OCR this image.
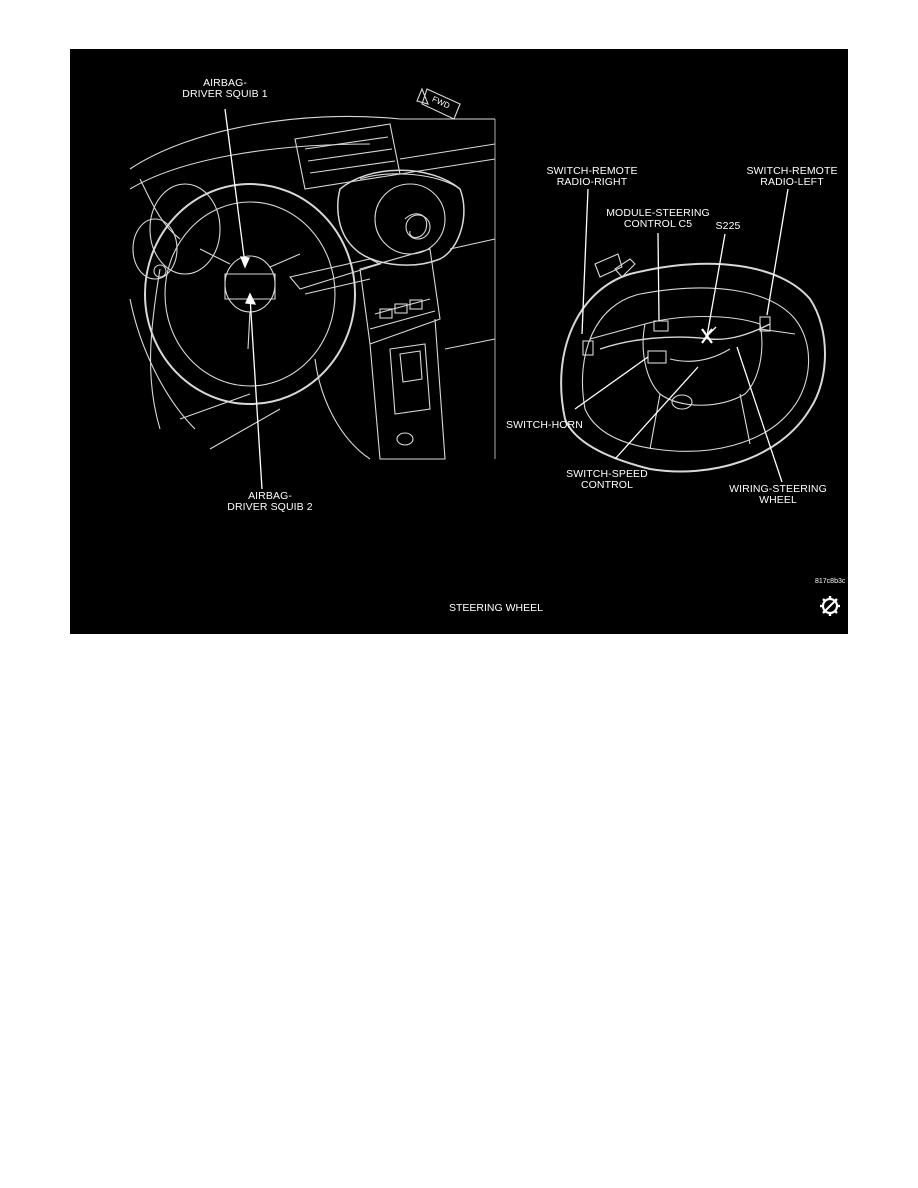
AIRBAG-
DRIVER SQUIB 1
AIRBAG-
DRIVER SQUIB 2
FWD
SWITCH-REMOTE
RADIO-RIGHT
SWITCH-REMOTE
RADIO-LEFT
MODULE-STEERING
CONTROL C5	S225
SWITCH-HORN
SWITCH-SPEED
CONTROL	WIRING-STEERING
WHEEL
817c8b3c
STEERING WHEEL
